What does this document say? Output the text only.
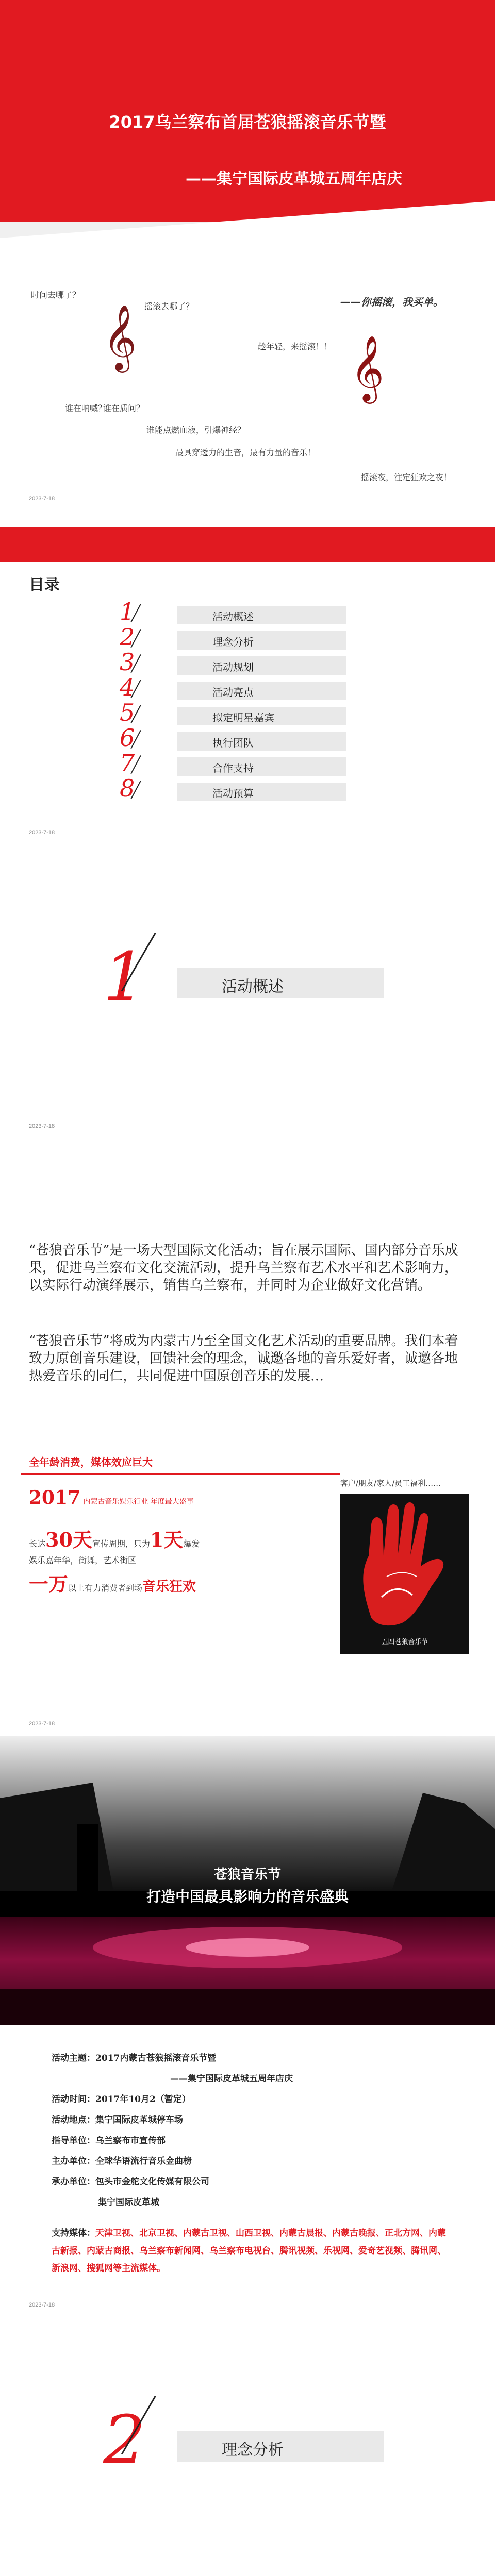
2017乌兰察布首届苍狼摇滚音乐节暨
——集宁国际皮革城五周年店庆
时间去哪了？
摇滚去哪了？	——你摇滚，我买单。
𝄞	趁年轻，来摇滚！！ 𝄞
谁在呐喊？
谁在质问？
谁能点燃血液，引爆神经？
最具穿透力的生音，最有力量的音乐！
摇滚夜，注定狂欢之夜！
2023-7-18
目录
1	活动概述
2	理念分析
3	活动规划
4	活动亮点
5	拟定明星嘉宾
6	执行团队
7	合作支持
8	活动预算
2023-7-18
1	活动概述
2023-7-18

“苍狼音乐节”是一场大型国际文化活动；旨在展示国际、国内部分音乐成果，促进乌兰察布文化交流活动，提升乌兰察布艺术水平和艺术影响力，以实际行动演绎展示，销售乌兰察布，并同时为企业做好文化营销。

“苍狼音乐节”将成为内蒙古乃至全国文化艺术活动的重要品牌。我们本着致力原创音乐建设，回馈社会的理念，诚邀各地的音乐爱好者，诚邀各地热爱音乐的同仁，共同促进中国原创音乐的发展…

全年龄消费，媒体效应巨大
2017 内蒙古音乐娱乐行业 年度最大盛事
长达30天宣传周期，只为1天爆发
娱乐嘉年华，街舞，艺术街区
一万以上有力消费者到场音乐狂欢
客户/朋友/家人/员工福利……
五四苍狼音乐节
2023-7-18
苍狼音乐节
打造中国最具影响力的音乐盛典
活动主题：2017内蒙古苍狼摇滚音乐节暨
——集宁国际皮革城五周年店庆
活动时间：2017年10月2（暂定）
活动地点：集宁国际皮革城停车场
指导单位：乌兰察布市宣传部
主办单位：全球华语流行音乐金曲榜
承办单位：包头市金舵文化传媒有限公司
集宁国际皮革城
支持媒体：天津卫视、北京卫视、内蒙古卫视、山西卫视、内蒙古晨报、内蒙古晚报、正北方网、内蒙古新报、内蒙古商报、乌兰察布新闻网、乌兰察布电视台、腾讯视频、乐视网、爱奇艺视频、腾讯网、新浪网、搜狐网等主流媒体。
2023-7-18
2	理念分析
